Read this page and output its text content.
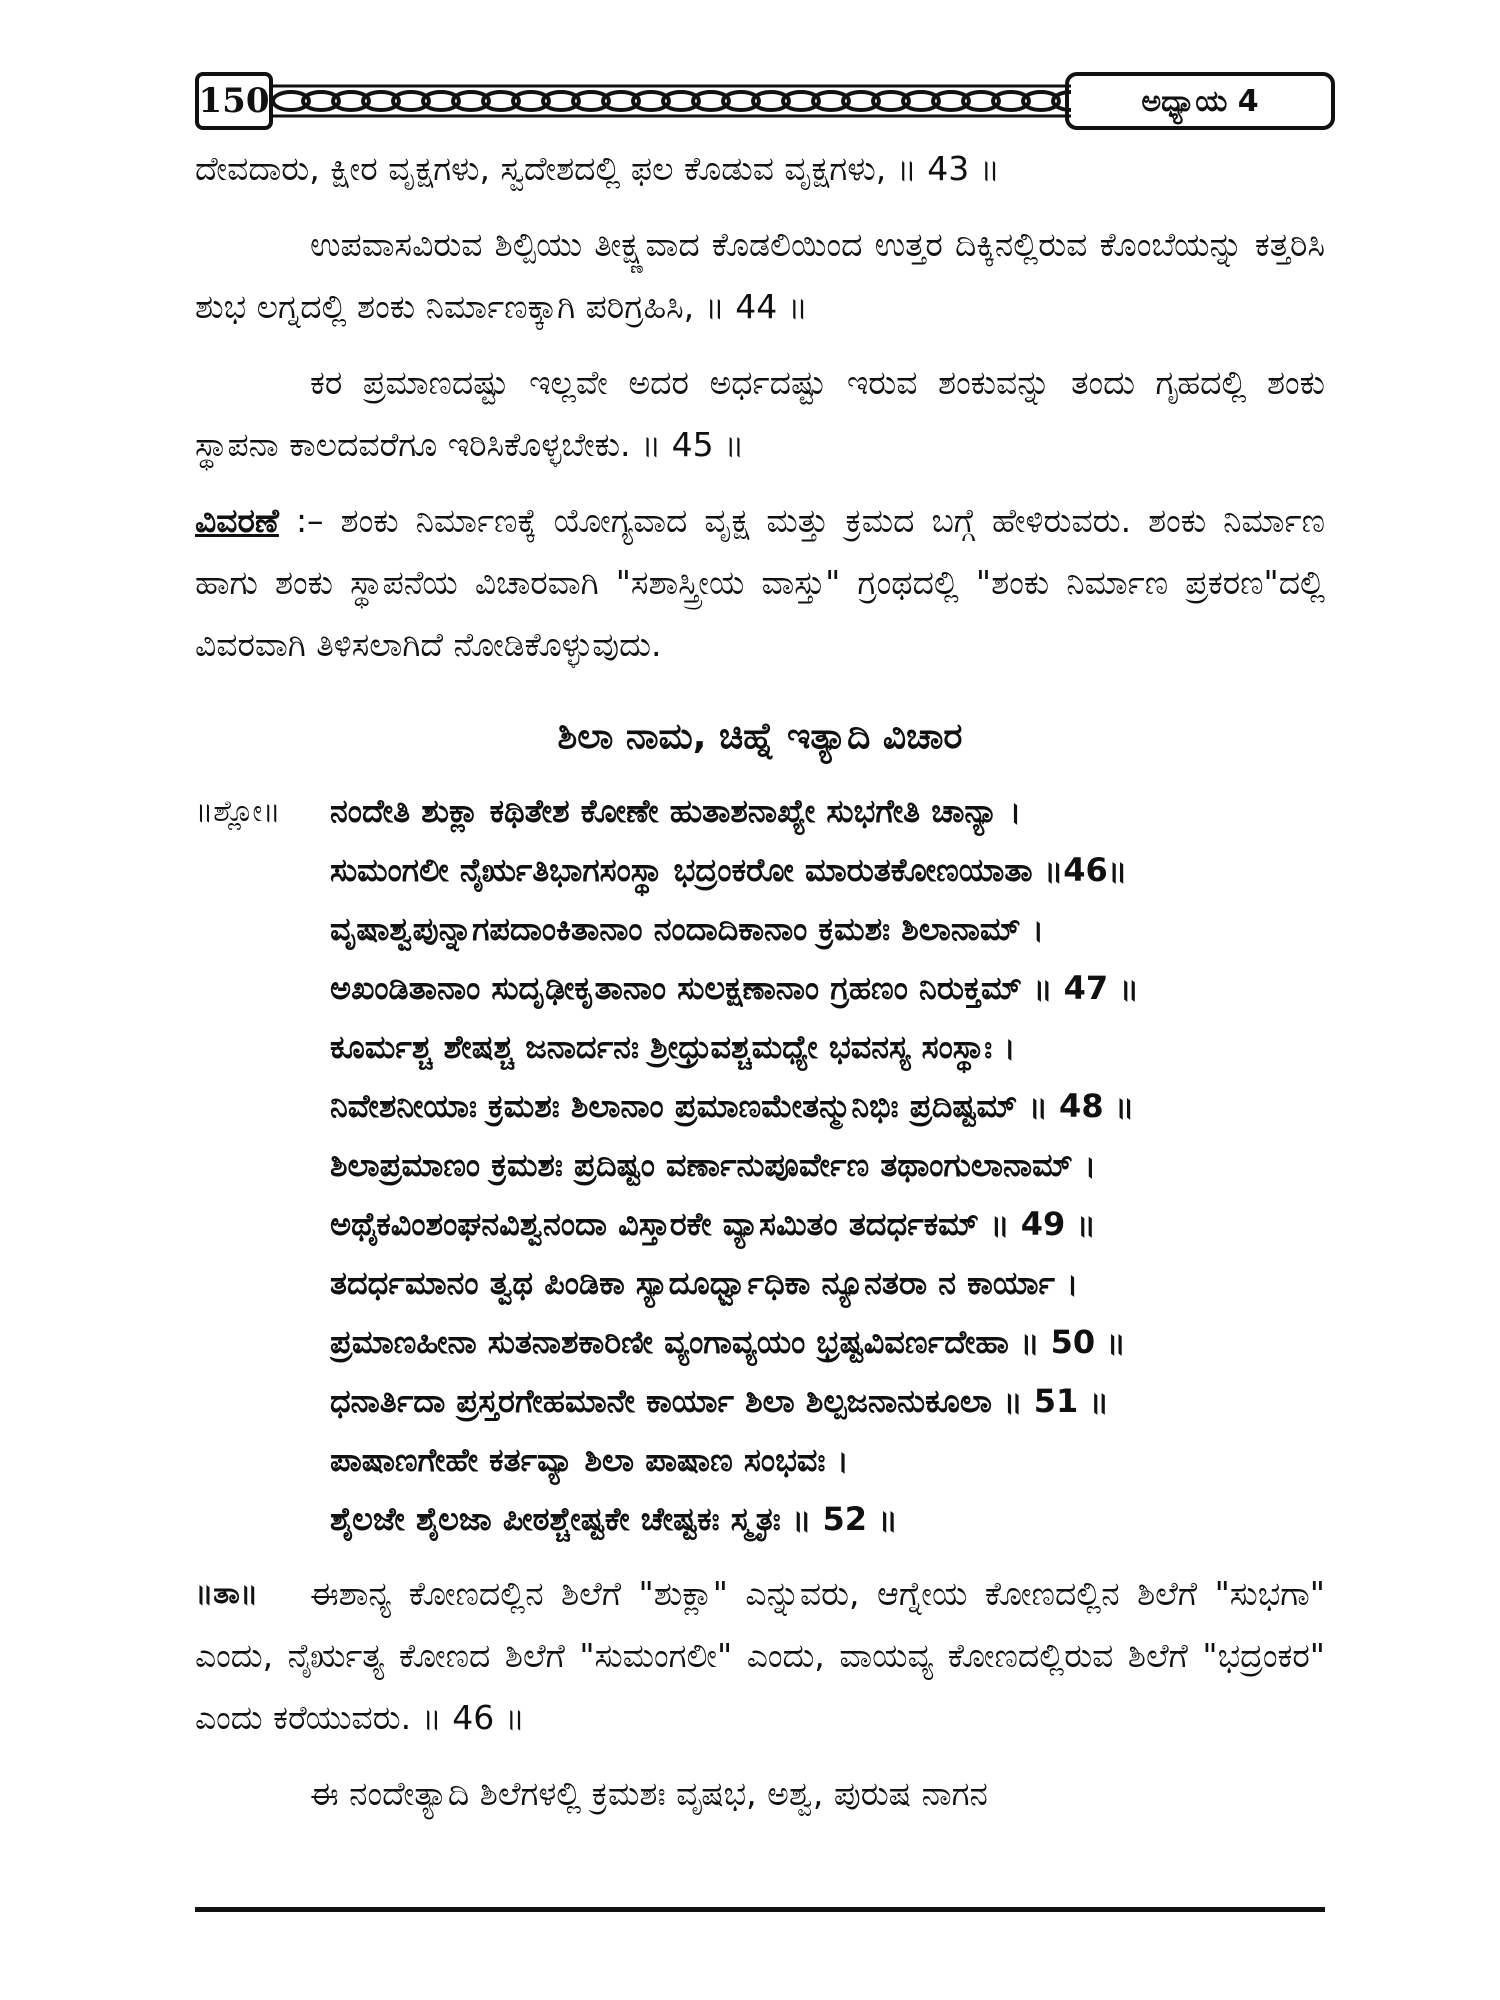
150	ಅಧ್ಯಾಯ 4

ದೇವದಾರು, ಕ್ಷೀರ ವೃಕ್ಷಗಳು, ಸ್ವದೇಶದಲ್ಲಿ ಫಲ ಕೊಡುವ ವೃಕ್ಷಗಳು, ॥ 43 ॥

ಉಪವಾಸವಿರುವ ಶಿಲ್ಪಿಯು ತೀಕ್ಷ್ಣವಾದ ಕೊಡಲಿಯಿಂದ ಉತ್ತರ ದಿಕ್ಕಿನಲ್ಲಿರುವ ಕೊಂಬೆಯನ್ನು ಕತ್ತರಿಸಿ ಶುಭ ಲಗ್ನದಲ್ಲಿ ಶಂಕು ನಿರ್ಮಾಣಕ್ಕಾಗಿ ಪರಿಗ್ರಹಿಸಿ, ॥ 44 ॥

ಕರ ಪ್ರಮಾಣದಷ್ಟು ಇಲ್ಲವೇ ಅದರ ಅರ್ಧದಷ್ಟು ಇರುವ ಶಂಕುವನ್ನು ತಂದು ಗೃಹದಲ್ಲಿ ಶಂಕು ಸ್ಥಾಪನಾ ಕಾಲದವರೆಗೂ ಇರಿಸಿಕೊಳ್ಳಬೇಕು. ॥ 45 ॥

ವಿವರಣೆ :– ಶಂಕು ನಿರ್ಮಾಣಕ್ಕೆ ಯೋಗ್ಯವಾದ ವೃಕ್ಷ ಮತ್ತು ಕ್ರಮದ ಬಗ್ಗೆ ಹೇಳಿರುವರು. ಶಂಕು ನಿರ್ಮಾಣ ಹಾಗು ಶಂಕು ಸ್ಥಾಪನೆಯ ವಿಚಾರವಾಗಿ "ಸಶಾಸ್ತ್ರೀಯ ವಾಸ್ತು" ಗ್ರಂಥದಲ್ಲಿ "ಶಂಕು ನಿರ್ಮಾಣ ಪ್ರಕರಣ"ದಲ್ಲಿ ವಿವರವಾಗಿ ತಿಳಿಸಲಾಗಿದೆ ನೋಡಿಕೊಳ್ಳುವುದು.

ಶಿಲಾ ನಾಮ, ಚಿಹ್ನೆ ಇತ್ಯಾದಿ ವಿಚಾರ
॥ಶ್ಲೋ॥ ನಂದೇತಿ ಶುಕ್ಲಾ ಕಥಿತೇಶ ಕೋಣೇ ಹುತಾಶನಾಖ್ಯೇ ಸುಭಗೇತಿ ಚಾನ್ಯಾ ।
ಸುಮಂಗಲೀ ನೈರ್ಋತಿಭಾಗಸಂಸ್ಥಾ ಭದ್ರಂಕರೋ ಮಾರುತಕೋಣಯಾತಾ ॥46॥
ವೃಷಾಶ್ವಪುನ್ನಾಗಪದಾಂಕಿತಾನಾಂ ನಂದಾದಿಕಾನಾಂ ಕ್ರಮಶಃ ಶಿಲಾನಾಮ್ ।
ಅಖಂಡಿತಾನಾಂ ಸುದೃಢೀಕೃತಾನಾಂ ಸುಲಕ್ಷಣಾನಾಂ ಗ್ರಹಣಂ ನಿರುಕ್ತಮ್ ॥ 47 ॥
ಕೂರ್ಮಶ್ಚ ಶೇಷಶ್ಚ ಜನಾರ್ದನಃ ಶ್ರೀಧ್ರುವಶ್ಚಮಧ್ಯೇ ಭವನಸ್ಯ ಸಂಸ್ಥಾಃ ।
ನಿವೇಶನೀಯಾಃ ಕ್ರಮಶಃ ಶಿಲಾನಾಂ ಪ್ರಮಾಣಮೇತನ್ಮುನಿಭಿಃ ಪ್ರದಿಷ್ಟಮ್ ॥ 48 ॥
ಶಿಲಾಪ್ರಮಾಣಂ ಕ್ರಮಶಃ ಪ್ರದಿಷ್ಟಂ ವರ್ಣಾನುಪೂರ್ವೇಣ ತಥಾಂಗುಲಾನಾಮ್ ।
ಅಥೈಕವಿಂಶಂಘನವಿಶ್ವನಂದಾ ವಿಸ್ತಾರಕೇ ವ್ಯಾಸಮಿತಂ ತದರ್ಧಕಮ್ ॥ 49 ॥
ತದರ್ಧಮಾನಂ ತ್ವಥ ಪಿಂಡಿಕಾ ಸ್ಯಾದೂರ್ಧ್ವಾಧಿಕಾ ನ್ಯೂನತರಾ ನ ಕಾರ್ಯಾ ।
ಪ್ರಮಾಣಹೀನಾ ಸುತನಾಶಕಾರಿಣೀ ವ್ಯಂಗಾವ್ಯಯಂ ಭ್ರಷ್ಟವಿವರ್ಣದೇಹಾ ॥ 50 ॥
ಧನಾರ್ತಿದಾ ಪ್ರಸ್ತರಗೇಹಮಾನೇ ಕಾರ್ಯಾ ಶಿಲಾ ಶಿಲ್ಪಜನಾನುಕೂಲಾ ॥ 51 ॥
ಪಾಷಾಣಗೇಹೇ ಕರ್ತವ್ಯಾ ಶಿಲಾ ಪಾಷಾಣ ಸಂಭವಃ ।
ಶೈಲಜೇ ಶೈಲಜಾ ಪೀಠಶ್ಚೇಷ್ಟಕೇ ಚೇಷ್ಟಕಃ ಸ್ಮೃತಃ ॥ 52 ॥
॥ತಾ॥	ಈಶಾನ್ಯ ಕೋಣದಲ್ಲಿನ ಶಿಲೆಗೆ "ಶುಕ್ಲಾ" ಎನ್ನುವರು, ಆಗ್ನೇಯ ಕೋಣದಲ್ಲಿನ ಶಿಲೆಗೆ "ಸುಭಗಾ" ಎಂದು, ನೈರ್ಋತ್ಯ ಕೋಣದ ಶಿಲೆಗೆ "ಸುಮಂಗಲೀ" ಎಂದು, ವಾಯವ್ಯ ಕೋಣದಲ್ಲಿರುವ ಶಿಲೆಗೆ "ಭದ್ರಂಕರ" ಎಂದು ಕರೆಯುವರು. ॥ 46 ॥

ಈ ನಂದೇತ್ಯಾದಿ ಶಿಲೆಗಳಲ್ಲಿ ಕ್ರಮಶಃ ವೃಷಭ, ಅಶ್ವ, ಪುರುಷ ನಾಗನ
